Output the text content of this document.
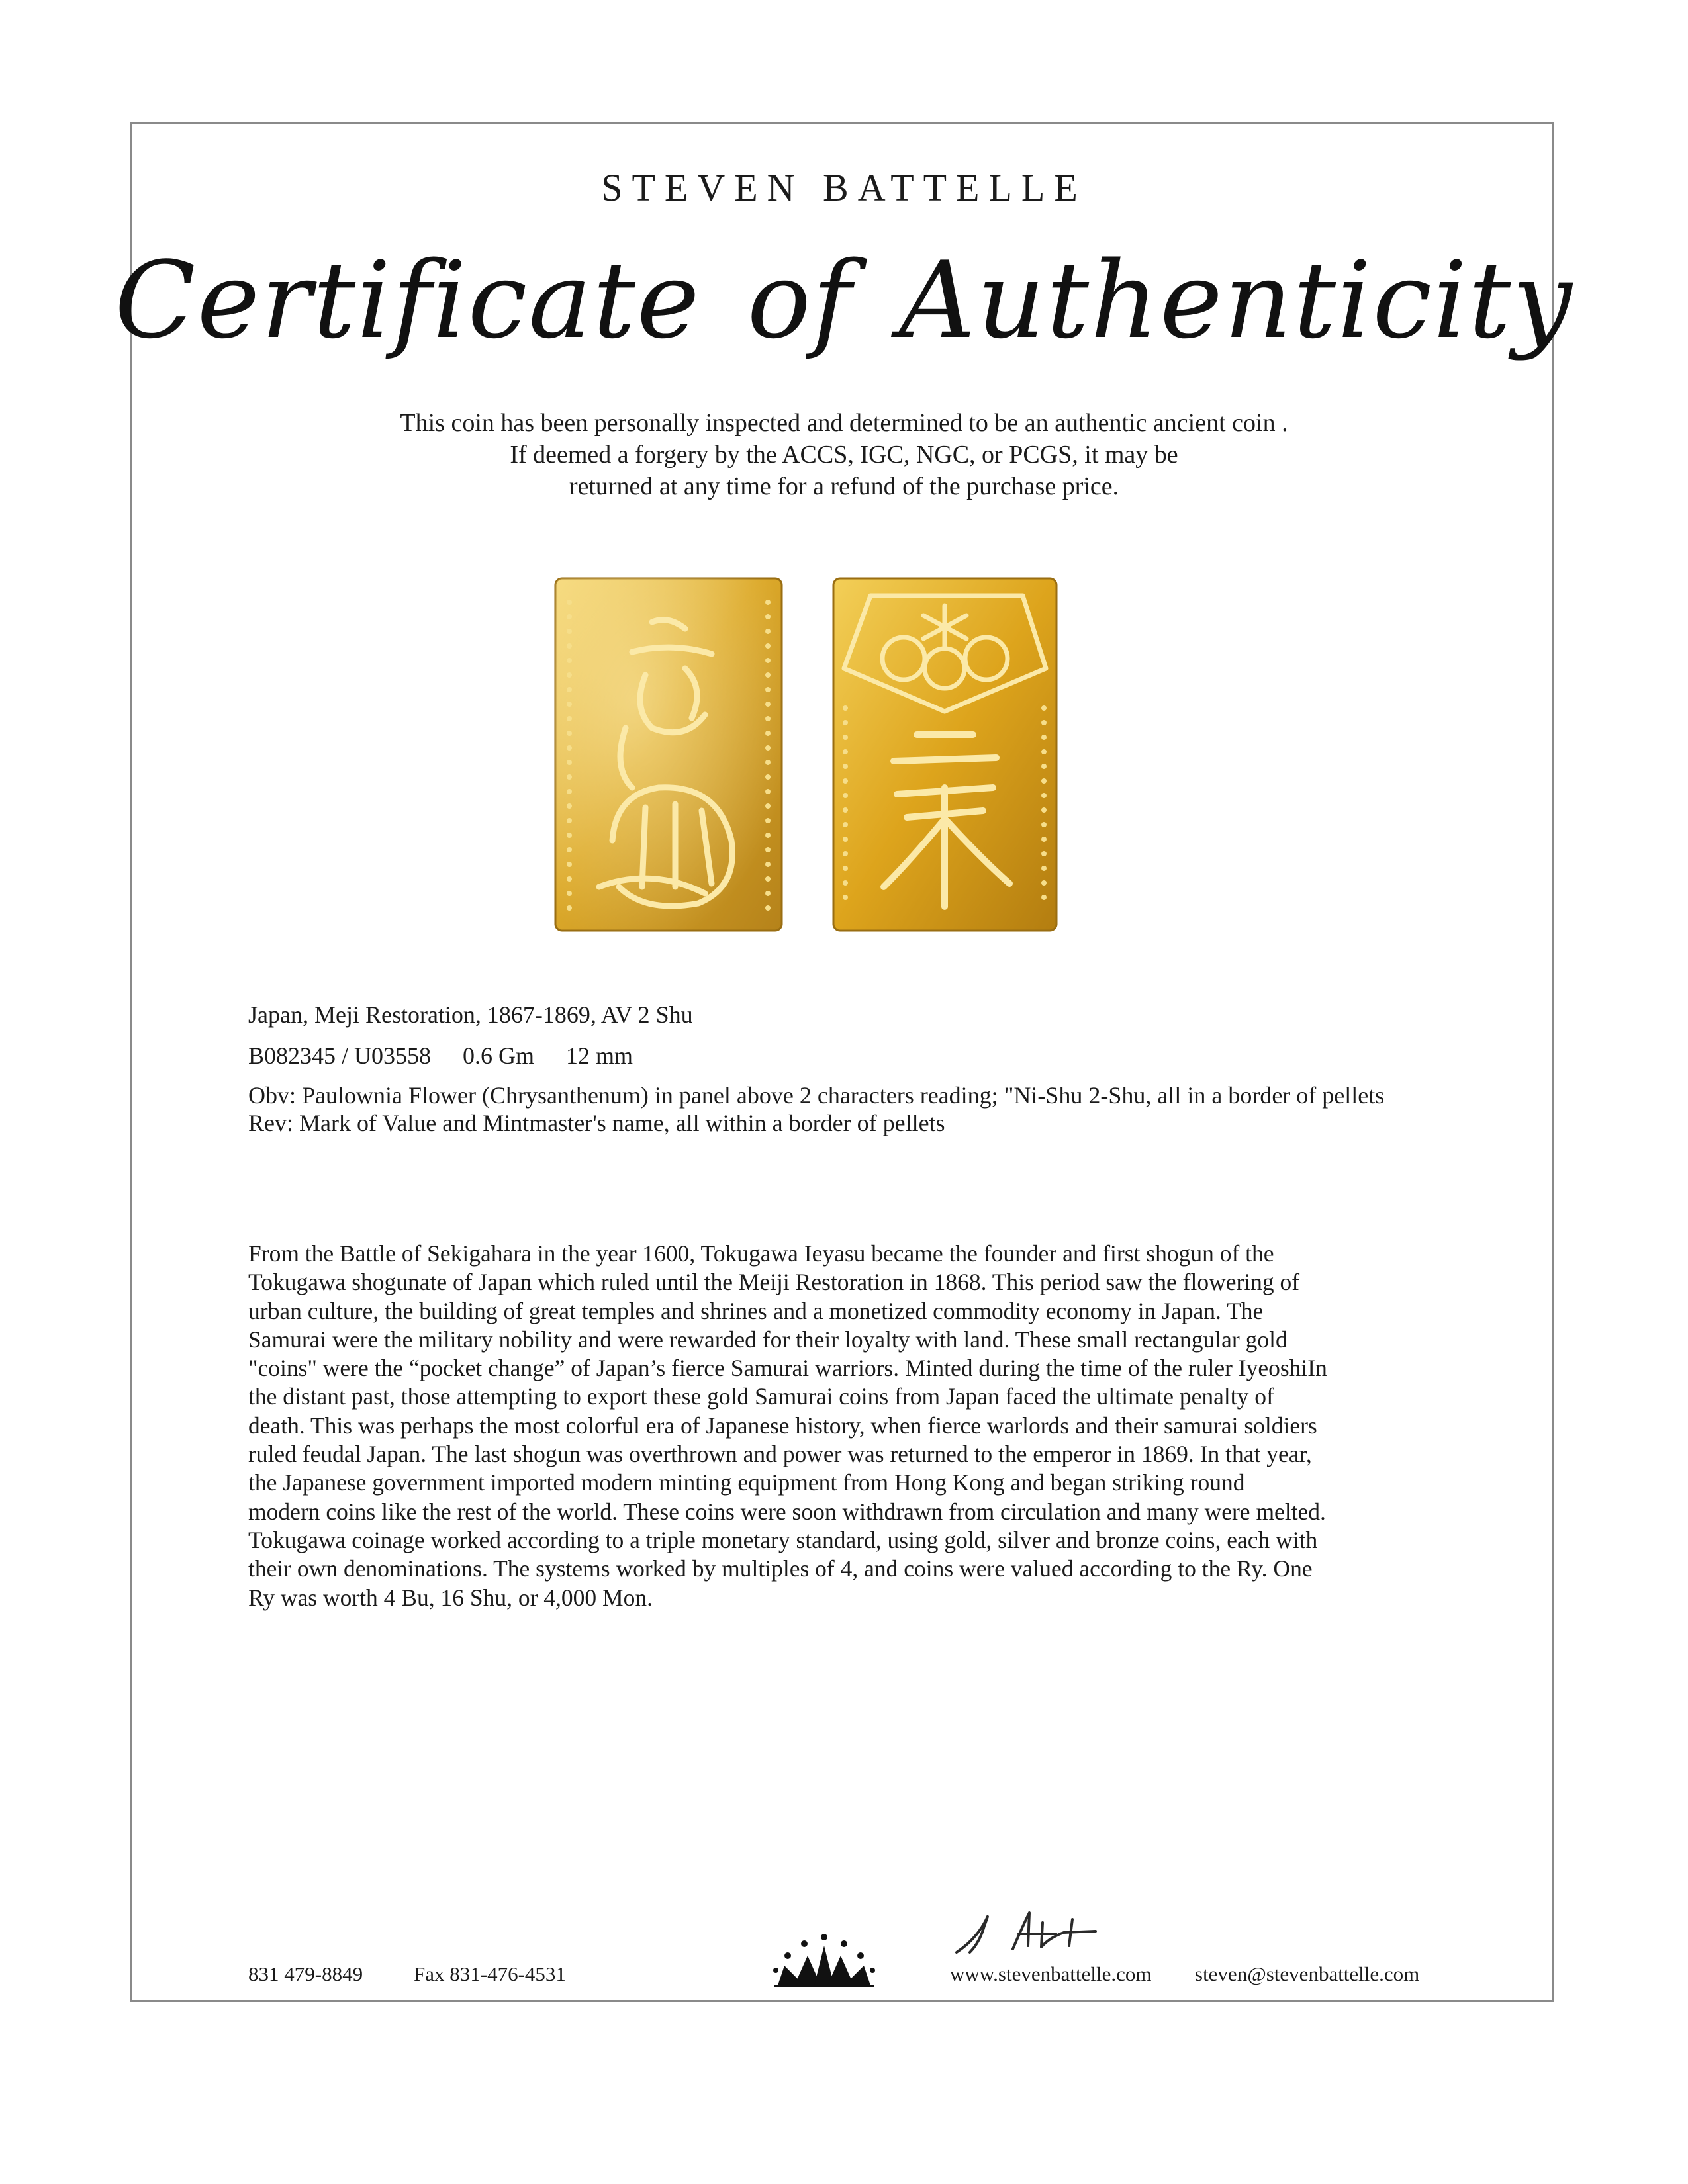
STEVEN BATTELLE
Certificate of Authenticity
This coin has been personally inspected and determined to be an authentic ancient coin .
If deemed a forgery by the ACCS, IGC, NGC, or PCGS, it may be
returned at any time for a refund of the purchase price.
Japan, Meji Restoration, 1867-1869, AV 2 Shu
B082345 / U03558 0.6 Gm 12 mm
Obv: Paulownia Flower (Chrysanthenum) in panel above 2 characters reading; "Ni-Shu 2-Shu, all in a border of pellets Rev: Mark of Value and Mintmaster's name, all within a border of pellets
From the Battle of Sekigahara in the year 1600, Tokugawa Ieyasu became the founder and first shogun of the
Tokugawa shogunate of Japan which ruled until the Meiji Restoration in 1868. This period saw the flowering of
urban culture, the building of great temples and shrines and a monetized commodity economy in Japan. The
Samurai were the military nobility and were rewarded for their loyalty with land. These small rectangular gold
"coins" were the “pocket change” of Japan’s fierce Samurai warriors. Minted during the time of the ruler IyeoshiIn
the distant past, those attempting to export these gold Samurai coins from Japan faced the ultimate penalty of
death. This was perhaps the most colorful era of Japanese history, when fierce warlords and their samurai soldiers
ruled feudal Japan. The last shogun was overthrown and power was returned to the emperor in 1869. In that year,
the Japanese government imported modern minting equipment from Hong Kong and began striking round
modern coins like the rest of the world. These coins were soon withdrawn from circulation and many were melted.
Tokugawa coinage worked according to a triple monetary standard, using gold, silver and bronze coins, each with
their own denominations. The systems worked by multiples of 4, and coins were valued according to the Ry. One
Ry was worth 4 Bu, 16 Shu, or 4,000 Mon.
831 479-8849 Fax 831-476-4531	www.stevenbattelle.com steven@stevenbattelle.com
